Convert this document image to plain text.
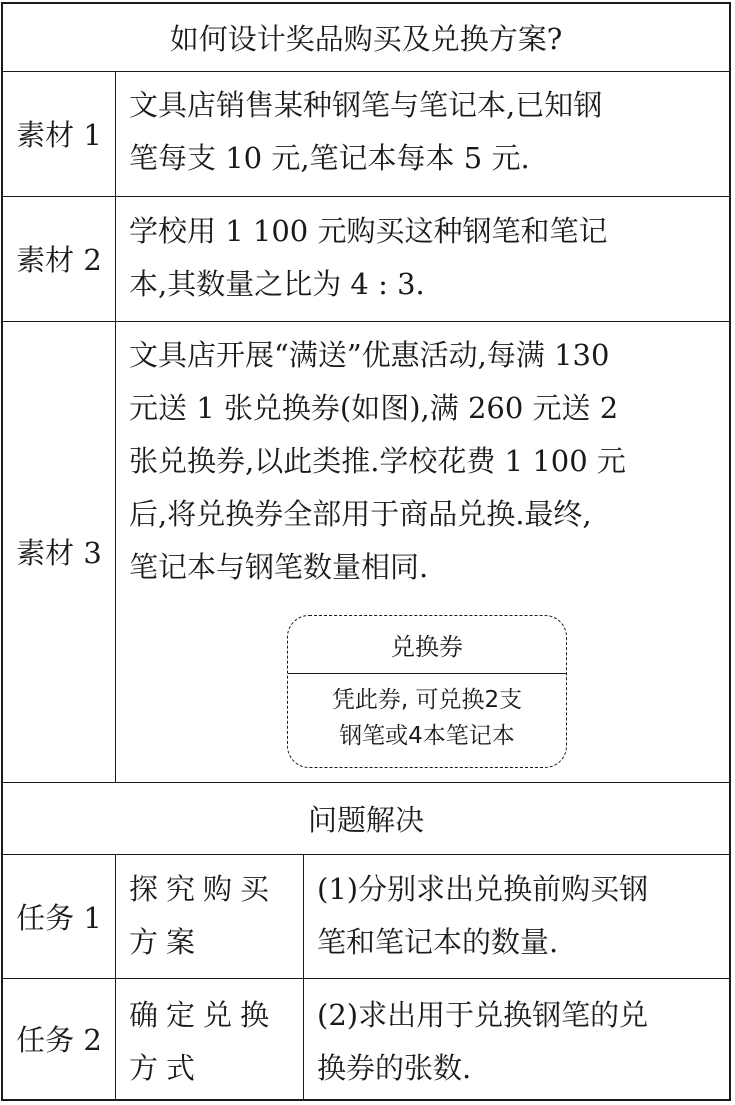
如何设计奖品购买及兑换方案?
素材 1
文具店销售某种钢笔与笔记本,已知钢
笔每支 10 元,笔记本每本 5 元.
素材 2
学校用 1 100 元购买这种钢笔和笔记
本,其数量之比为 4 : 3.
素材 3
文具店开展“满送”优惠活动,每满 130
元送 1 张兑换券(如图),满 260 元送 2
张兑换券,以此类推.学校花费 1 100 元
后,将兑换券全部用于商品兑换.最终,
笔记本与钢笔数量相同.
兑换券
凭此券, 可兑换2支
钢笔或4本笔记本
问题解决
任务 1
探究购买
方案
(1)分别求出兑换前购买钢
笔和笔记本的数量.
任务 2
确定兑换
方式
(2)求出用于兑换钢笔的兑
换券的张数.
